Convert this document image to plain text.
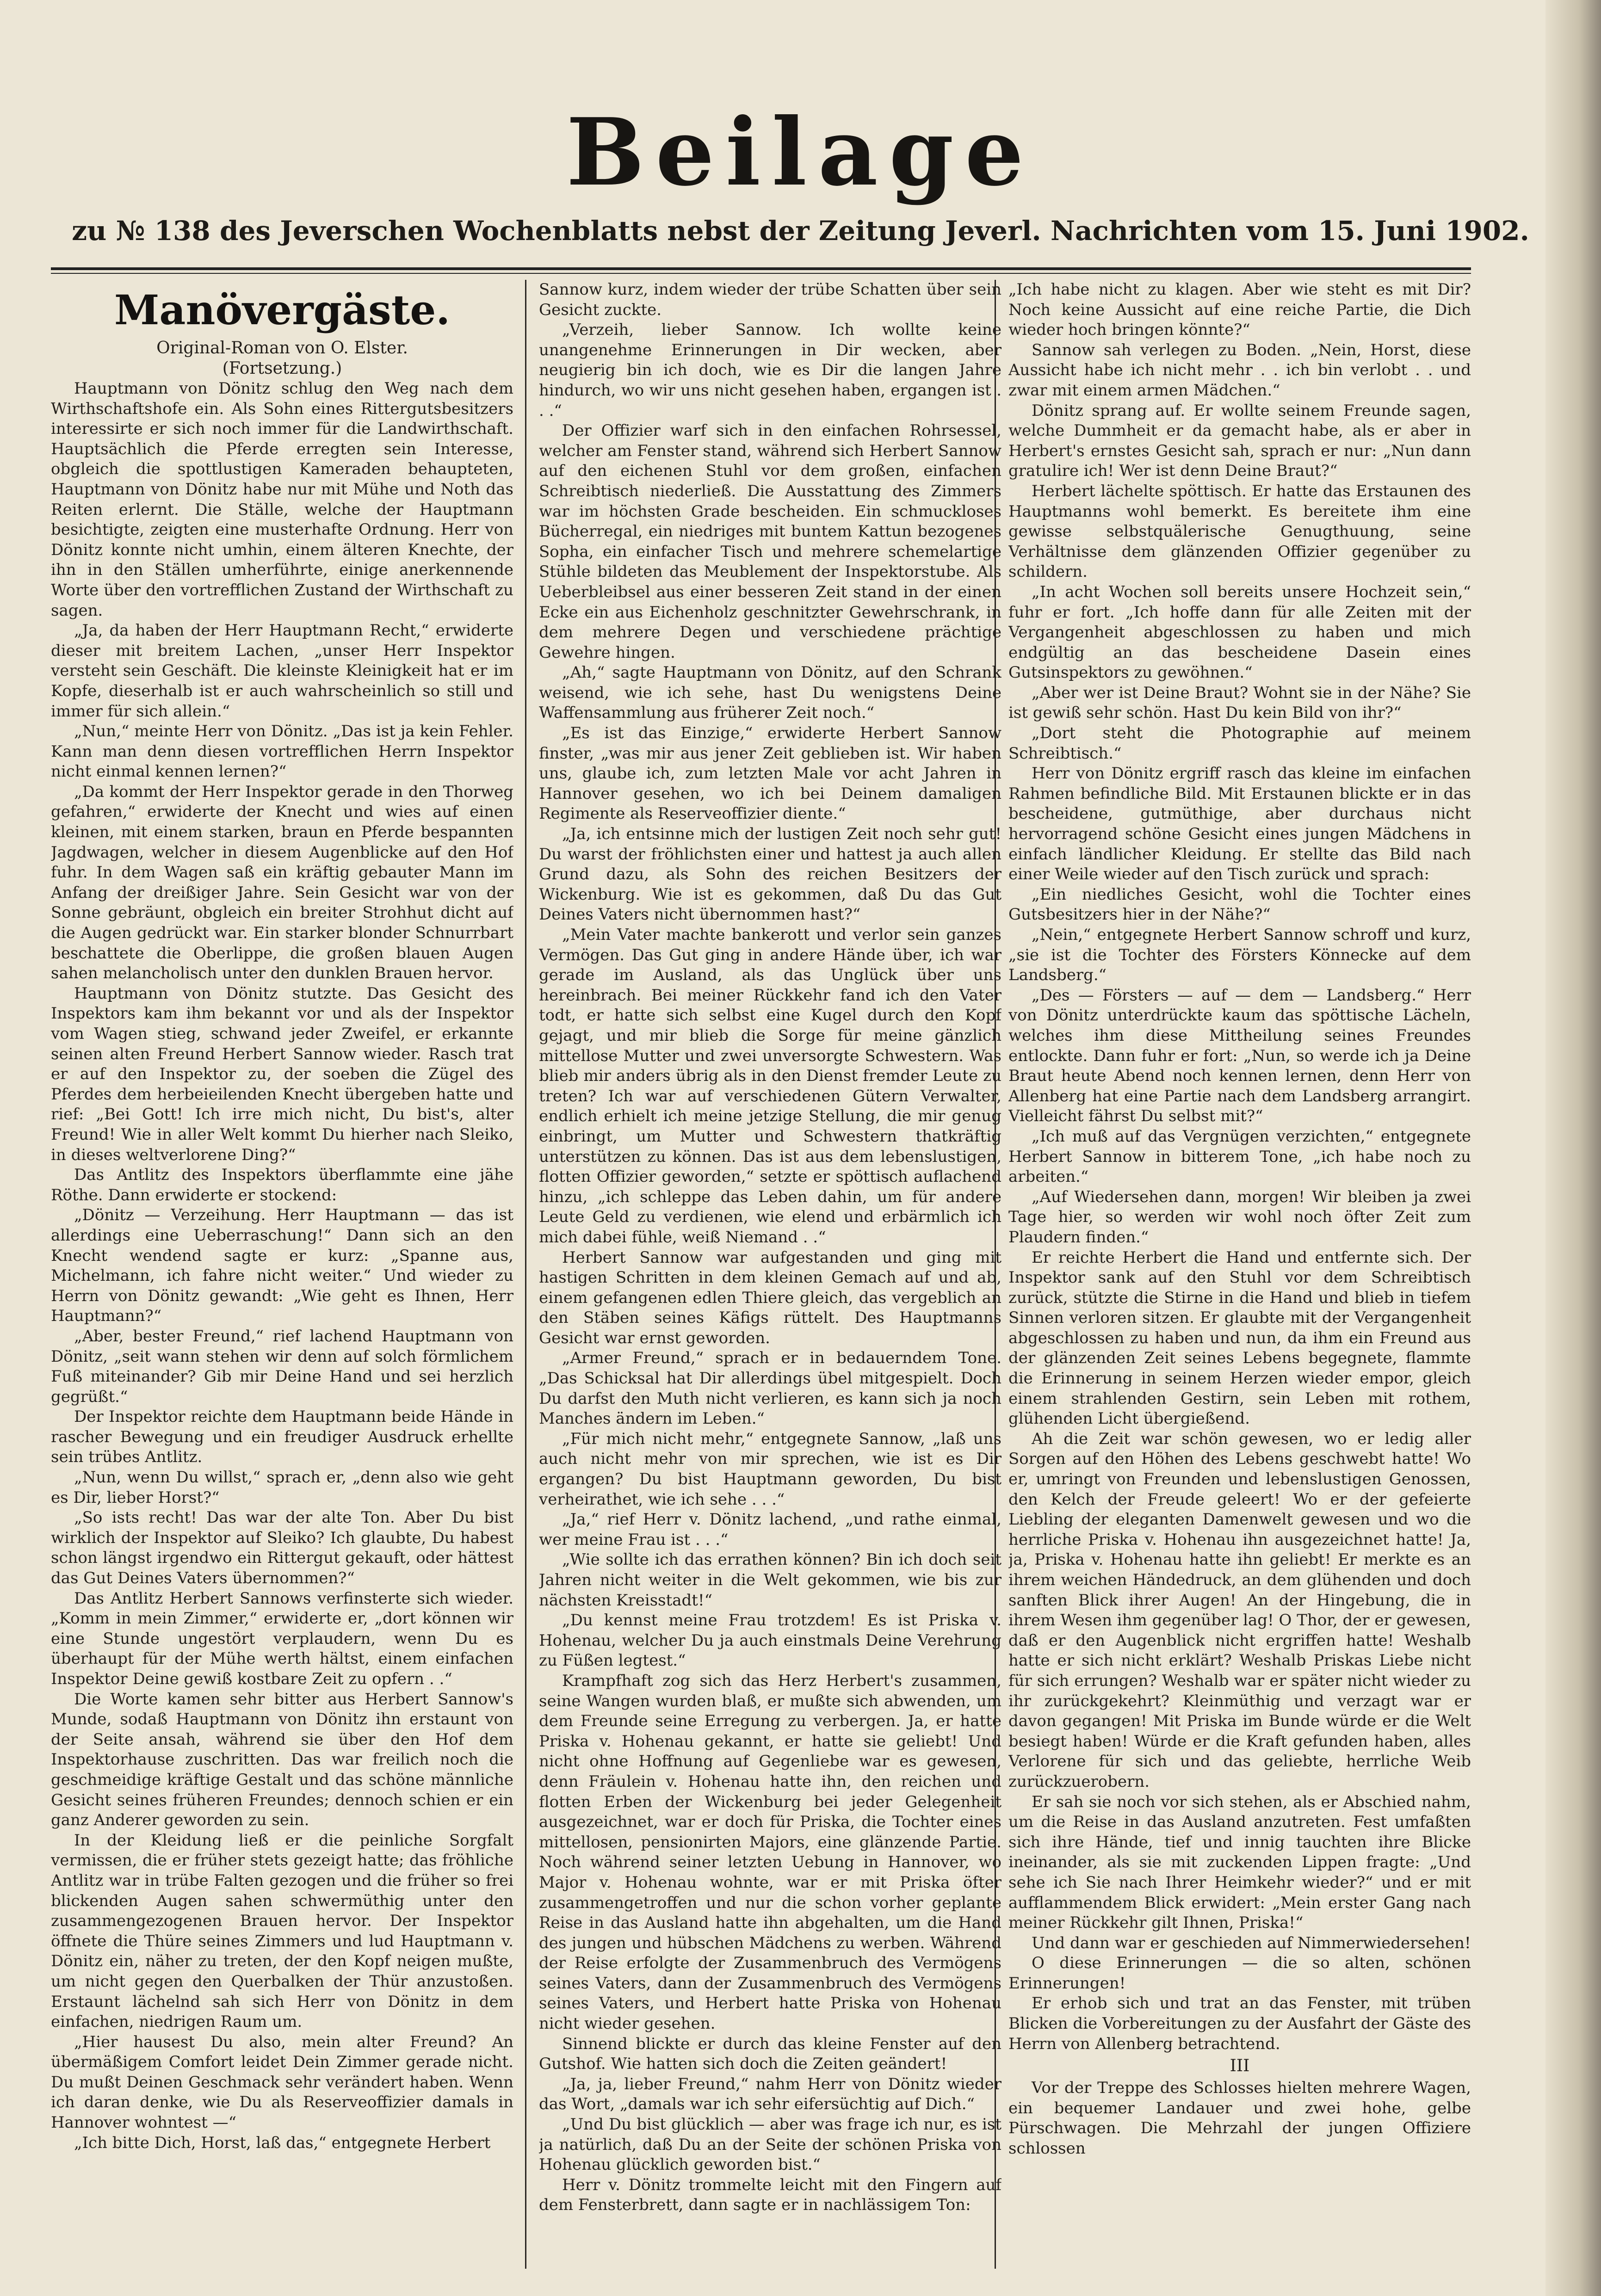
Beilage
zu № 138 des Jeverschen Wochenblatts nebst der Zeitung Jeverl. Nachrichten vom 15. Juni 1902.
Manövergäste.
Original-Roman von O. Elster.
(Fortsetzung.)

Hauptmann von Dönitz schlug den Weg nach dem Wirthschaftshofe ein. Als Sohn eines Rittergutsbesitzers interessirte er sich noch immer für die Landwirthschaft. Hauptsächlich die Pferde erregten sein Interesse, obgleich die spottlustigen Kameraden behaupteten, Hauptmann von Dönitz habe nur mit Mühe und Noth das Reiten erlernt. Die Ställe, welche der Hauptmann besichtigte, zeigten eine musterhafte Ordnung. Herr von Dönitz konnte nicht umhin, einem älteren Knechte, der ihn in den Ställen umherführte, einige anerkennende Worte über den vortrefflichen Zustand der Wirthschaft zu sagen.

„Ja, da haben der Herr Hauptmann Recht,“ erwiderte dieser mit breitem Lachen, „unser Herr Inspektor versteht sein Geschäft. Die kleinste Kleinigkeit hat er im Kopfe, dieserhalb ist er auch wahrscheinlich so still und immer für sich allein.“

„Nun,“ meinte Herr von Dönitz. „Das ist ja kein Fehler. Kann man denn diesen vortrefflichen Herrn Inspektor nicht einmal kennen lernen?“

„Da kommt der Herr Inspektor gerade in den Thorweg gefahren,“ erwiderte der Knecht und wies auf einen kleinen, mit einem starken, braun en Pferde bespannten Jagdwagen, welcher in diesem Augenblicke auf den Hof fuhr. In dem Wagen saß ein kräftig gebauter Mann im Anfang der dreißiger Jahre. Sein Gesicht war von der Sonne gebräunt, obgleich ein breiter Strohhut dicht auf die Augen gedrückt war. Ein starker blonder Schnurrbart beschattete die Oberlippe, die großen blauen Augen sahen melancholisch unter den dunklen Brauen hervor.

Hauptmann von Dönitz stutzte. Das Gesicht des Inspektors kam ihm bekannt vor und als der Inspektor vom Wagen stieg, schwand jeder Zweifel, er erkannte seinen alten Freund Herbert Sannow wieder. Rasch trat er auf den Inspektor zu, der soeben die Zügel des Pferdes dem herbeieilenden Knecht übergeben hatte und rief: „Bei Gott! Ich irre mich nicht, Du bist's, alter Freund! Wie in aller Welt kommt Du hierher nach Sleiko, in dieses weltverlorene Ding?“

Das Antlitz des Inspektors überflammte eine jähe Röthe. Dann erwiderte er stockend:

„Dönitz — Verzeihung. Herr Hauptmann — das ist allerdings eine Ueberraschung!“ Dann sich an den Knecht wendend sagte er kurz: „Spanne aus, Michelmann, ich fahre nicht weiter.“ Und wieder zu Herrn von Dönitz gewandt: „Wie geht es Ihnen, Herr Hauptmann?“

„Aber, bester Freund,“ rief lachend Hauptmann von Dönitz, „seit wann stehen wir denn auf solch förmlichem Fuß miteinander? Gib mir Deine Hand und sei herzlich gegrüßt.“

Der Inspektor reichte dem Hauptmann beide Hände in rascher Bewegung und ein freudiger Ausdruck erhellte sein trübes Antlitz.

„Nun, wenn Du willst,“ sprach er, „denn also wie geht es Dir, lieber Horst?“

„So ists recht! Das war der alte Ton. Aber Du bist wirklich der Inspektor auf Sleiko? Ich glaubte, Du habest schon längst irgendwo ein Rittergut gekauft, oder hättest das Gut Deines Vaters übernommen?“

Das Antlitz Herbert Sannows verfinsterte sich wieder. „Komm in mein Zimmer,“ erwiderte er, „dort können wir eine Stunde ungestört verplaudern, wenn Du es überhaupt für der Mühe werth hältst, einem einfachen Inspektor Deine gewiß kostbare Zeit zu opfern . .“

Die Worte kamen sehr bitter aus Herbert Sannow's Munde, sodaß Hauptmann von Dönitz ihn erstaunt von der Seite ansah, während sie über den Hof dem Inspektorhause zuschritten. Das war freilich noch die geschmeidige kräftige Gestalt und das schöne männliche Gesicht seines früheren Freundes; dennoch schien er ein ganz Anderer geworden zu sein.

In der Kleidung ließ er die peinliche Sorgfalt vermissen, die er früher stets gezeigt hatte; das fröhliche Antlitz war in trübe Falten gezogen und die früher so frei blickenden Augen sahen schwermüthig unter den zusammengezogenen Brauen hervor. Der Inspektor öffnete die Thüre seines Zimmers und lud Hauptmann v. Dönitz ein, näher zu treten, der den Kopf neigen mußte, um nicht gegen den Querbalken der Thür anzustoßen. Erstaunt lächelnd sah sich Herr von Dönitz in dem einfachen, niedrigen Raum um.

„Hier hausest Du also, mein alter Freund? An übermäßigem Comfort leidet Dein Zimmer gerade nicht. Du mußt Deinen Geschmack sehr verändert haben. Wenn ich daran denke, wie Du als Reserveoffizier damals in Hannover wohntest —“

„Ich bitte Dich, Horst, laß das,“ entgegnete Herbert

Sannow kurz, indem wieder der trübe Schatten über sein Gesicht zuckte.

„Verzeih, lieber Sannow. Ich wollte keine unangenehme Erinnerungen in Dir wecken, aber neugierig bin ich doch, wie es Dir die langen Jahre hindurch, wo wir uns nicht gesehen haben, ergangen ist . . .“

Der Offizier warf sich in den einfachen Rohrsessel, welcher am Fenster stand, während sich Herbert Sannow auf den eichenen Stuhl vor dem großen, einfachen Schreibtisch niederließ. Die Ausstattung des Zimmers war im höchsten Grade bescheiden. Ein schmuckloses Bücherregal, ein niedriges mit buntem Kattun bezogenes Sopha, ein einfacher Tisch und mehrere schemelartige Stühle bildeten das Meublement der Inspektorstube. Als Ueberbleibsel aus einer besseren Zeit stand in der einen Ecke ein aus Eichenholz geschnitzter Gewehrschrank, in dem mehrere Degen und verschiedene prächtige Gewehre hingen.

„Ah,“ sagte Hauptmann von Dönitz, auf den Schrank weisend, wie ich sehe, hast Du wenigstens Deine Waffensammlung aus früherer Zeit noch.“

„Es ist das Einzige,“ erwiderte Herbert Sannow finster, „was mir aus jener Zeit geblieben ist. Wir haben uns, glaube ich, zum letzten Male vor acht Jahren in Hannover gesehen, wo ich bei Deinem damaligen Regimente als Reserveoffizier diente.“

„Ja, ich entsinne mich der lustigen Zeit noch sehr gut! Du warst der fröhlichsten einer und hattest ja auch allen Grund dazu, als Sohn des reichen Besitzers der Wickenburg. Wie ist es gekommen, daß Du das Gut Deines Vaters nicht übernommen hast?“

„Mein Vater machte bankerott und verlor sein ganzes Vermögen. Das Gut ging in andere Hände über, ich war gerade im Ausland, als das Unglück über uns hereinbrach. Bei meiner Rückkehr fand ich den Vater todt, er hatte sich selbst eine Kugel durch den Kopf gejagt, und mir blieb die Sorge für meine gänzlich mittellose Mutter und zwei unversorgte Schwestern. Was blieb mir anders übrig als in den Dienst fremder Leute zu treten? Ich war auf verschiedenen Gütern Verwalter, endlich erhielt ich meine jetzige Stellung, die mir genug einbringt, um Mutter und Schwestern thatkräftig unterstützen zu können. Das ist aus dem lebenslustigen, flotten Offizier geworden,“ setzte er spöttisch auflachend hinzu, „ich schleppe das Leben dahin, um für andere Leute Geld zu verdienen, wie elend und erbärmlich ich mich dabei fühle, weiß Niemand . .“

Herbert Sannow war aufgestanden und ging mit hastigen Schritten in dem kleinen Gemach auf und ab, einem gefangenen edlen Thiere gleich, das vergeblich an den Stäben seines Käfigs rüttelt. Des Hauptmanns Gesicht war ernst geworden.

„Armer Freund,“ sprach er in bedauerndem Tone. „Das Schicksal hat Dir allerdings übel mitgespielt. Doch Du darfst den Muth nicht verlieren, es kann sich ja noch Manches ändern im Leben.“

„Für mich nicht mehr,“ entgegnete Sannow, „laß uns auch nicht mehr von mir sprechen, wie ist es Dir ergangen? Du bist Hauptmann geworden, Du bist verheirathet, wie ich sehe . . .“

„Ja,“ rief Herr v. Dönitz lachend, „und rathe einmal, wer meine Frau ist . . .“

„Wie sollte ich das errathen können? Bin ich doch seit Jahren nicht weiter in die Welt gekommen, wie bis zur nächsten Kreisstadt!“

„Du kennst meine Frau trotzdem! Es ist Priska v. Hohenau, welcher Du ja auch einstmals Deine Verehrung zu Füßen legtest.“

Krampfhaft zog sich das Herz Herbert's zusammen, seine Wangen wurden blaß, er mußte sich abwenden, um dem Freunde seine Erregung zu verbergen. Ja, er hatte Priska v. Hohenau gekannt, er hatte sie geliebt! Und nicht ohne Hoffnung auf Gegenliebe war es gewesen, denn Fräulein v. Hohenau hatte ihn, den reichen und flotten Erben der Wickenburg bei jeder Gelegenheit ausgezeichnet, war er doch für Priska, die Tochter eines mittellosen, pensionirten Majors, eine glänzende Partie. Noch während seiner letzten Uebung in Hannover, wo Major v. Hohenau wohnte, war er mit Priska öfter zusammengetroffen und nur die schon vorher geplante Reise in das Ausland hatte ihn abgehalten, um die Hand des jungen und hübschen Mädchens zu werben. Während der Reise erfolgte der Zusammenbruch des Vermögens seines Vaters, dann der Zusammenbruch des Vermögens seines Vaters, und Herbert hatte Priska von Hohenau nicht wieder gesehen.

Sinnend blickte er durch das kleine Fenster auf den Gutshof. Wie hatten sich doch die Zeiten geändert!

„Ja, ja, lieber Freund,“ nahm Herr von Dönitz wieder das Wort, „damals war ich sehr eifersüchtig auf Dich.“

„Und Du bist glücklich — aber was frage ich nur, es ist ja natürlich, daß Du an der Seite der schönen Priska von Hohenau glücklich geworden bist.“

Herr v. Dönitz trommelte leicht mit den Fingern auf dem Fensterbrett, dann sagte er in nachlässigem Ton:

„Ich habe nicht zu klagen. Aber wie steht es mit Dir? Noch keine Aussicht auf eine reiche Partie, die Dich wieder hoch bringen könnte?“

Sannow sah verlegen zu Boden. „Nein, Horst, diese Aussicht habe ich nicht mehr . . ich bin verlobt . . und zwar mit einem armen Mädchen.“

Dönitz sprang auf. Er wollte seinem Freunde sagen, welche Dummheit er da gemacht habe, als er aber in Herbert's ernstes Gesicht sah, sprach er nur: „Nun dann gratulire ich! Wer ist denn Deine Braut?“

Herbert lächelte spöttisch. Er hatte das Erstaunen des Hauptmanns wohl bemerkt. Es bereitete ihm eine gewisse selbstquälerische Genugthuung, seine Verhältnisse dem glänzenden Offizier gegenüber zu schildern.

„In acht Wochen soll bereits unsere Hochzeit sein,“ fuhr er fort. „Ich hoffe dann für alle Zeiten mit der Vergangenheit abgeschlossen zu haben und mich endgültig an das bescheidene Dasein eines Gutsinspektors zu gewöhnen.“

„Aber wer ist Deine Braut? Wohnt sie in der Nähe? Sie ist gewiß sehr schön. Hast Du kein Bild von ihr?“

„Dort steht die Photographie auf meinem Schreibtisch.“

Herr von Dönitz ergriff rasch das kleine im einfachen Rahmen befindliche Bild. Mit Erstaunen blickte er in das bescheidene, gutmüthige, aber durchaus nicht hervorragend schöne Gesicht eines jungen Mädchens in einfach ländlicher Kleidung. Er stellte das Bild nach einer Weile wieder auf den Tisch zurück und sprach:

„Ein niedliches Gesicht, wohl die Tochter eines Gutsbesitzers hier in der Nähe?“

„Nein,“ entgegnete Herbert Sannow schroff und kurz, „sie ist die Tochter des Försters Könnecke auf dem Landsberg.“

„Des — Försters — auf — dem — Landsberg.“ Herr von Dönitz unterdrückte kaum das spöttische Lächeln, welches ihm diese Mittheilung seines Freundes entlockte. Dann fuhr er fort: „Nun, so werde ich ja Deine Braut heute Abend noch kennen lernen, denn Herr von Allenberg hat eine Partie nach dem Landsberg arrangirt. Vielleicht fährst Du selbst mit?“

„Ich muß auf das Vergnügen verzichten,“ entgegnete Herbert Sannow in bitterem Tone, „ich habe noch zu arbeiten.“

„Auf Wiedersehen dann, morgen! Wir bleiben ja zwei Tage hier, so werden wir wohl noch öfter Zeit zum Plaudern finden.“

Er reichte Herbert die Hand und entfernte sich. Der Inspektor sank auf den Stuhl vor dem Schreibtisch zurück, stützte die Stirne in die Hand und blieb in tiefem Sinnen verloren sitzen. Er glaubte mit der Vergangenheit abgeschlossen zu haben und nun, da ihm ein Freund aus der glänzenden Zeit seines Lebens begegnete, flammte die Erinnerung in seinem Herzen wieder empor, gleich einem strahlenden Gestirn, sein Leben mit rothem, glühenden Licht übergießend.

Ah die Zeit war schön gewesen, wo er ledig aller Sorgen auf den Höhen des Lebens geschwebt hatte! Wo er, umringt von Freunden und lebenslustigen Genossen, den Kelch der Freude geleert! Wo er der gefeierte Liebling der eleganten Damenwelt gewesen und wo die herrliche Priska v. Hohenau ihn ausgezeichnet hatte! Ja, ja, Priska v. Hohenau hatte ihn geliebt! Er merkte es an ihrem weichen Händedruck, an dem glühenden und doch sanften Blick ihrer Augen! An der Hingebung, die in ihrem Wesen ihm gegenüber lag! O Thor, der er gewesen, daß er den Augenblick nicht ergriffen hatte! Weshalb hatte er sich nicht erklärt? Weshalb Priskas Liebe nicht für sich errungen? Weshalb war er später nicht wieder zu ihr zurückgekehrt? Kleinmüthig und verzagt war er davon gegangen! Mit Priska im Bunde würde er die Welt besiegt haben! Würde er die Kraft gefunden haben, alles Verlorene für sich und das geliebte, herrliche Weib zurückzuerobern.

Er sah sie noch vor sich stehen, als er Abschied nahm, um die Reise in das Ausland anzutreten. Fest umfaßten sich ihre Hände, tief und innig tauchten ihre Blicke ineinander, als sie mit zuckenden Lippen fragte: „Und sehe ich Sie nach Ihrer Heimkehr wieder?“ und er mit aufflammendem Blick erwidert: „Mein erster Gang nach meiner Rückkehr gilt Ihnen, Priska!“

Und dann war er geschieden auf Nimmerwiedersehen!

O diese Erinnerungen — die so alten, schönen Erinnerungen!

Er erhob sich und trat an das Fenster, mit trüben Blicken die Vorbereitungen zu der Ausfahrt der Gäste des Herrn von Allenberg betrachtend.

III

Vor der Treppe des Schlosses hielten mehrere Wagen, ein bequemer Landauer und zwei hohe, gelbe Pürschwagen. Die Mehrzahl der jungen Offiziere schlossen
